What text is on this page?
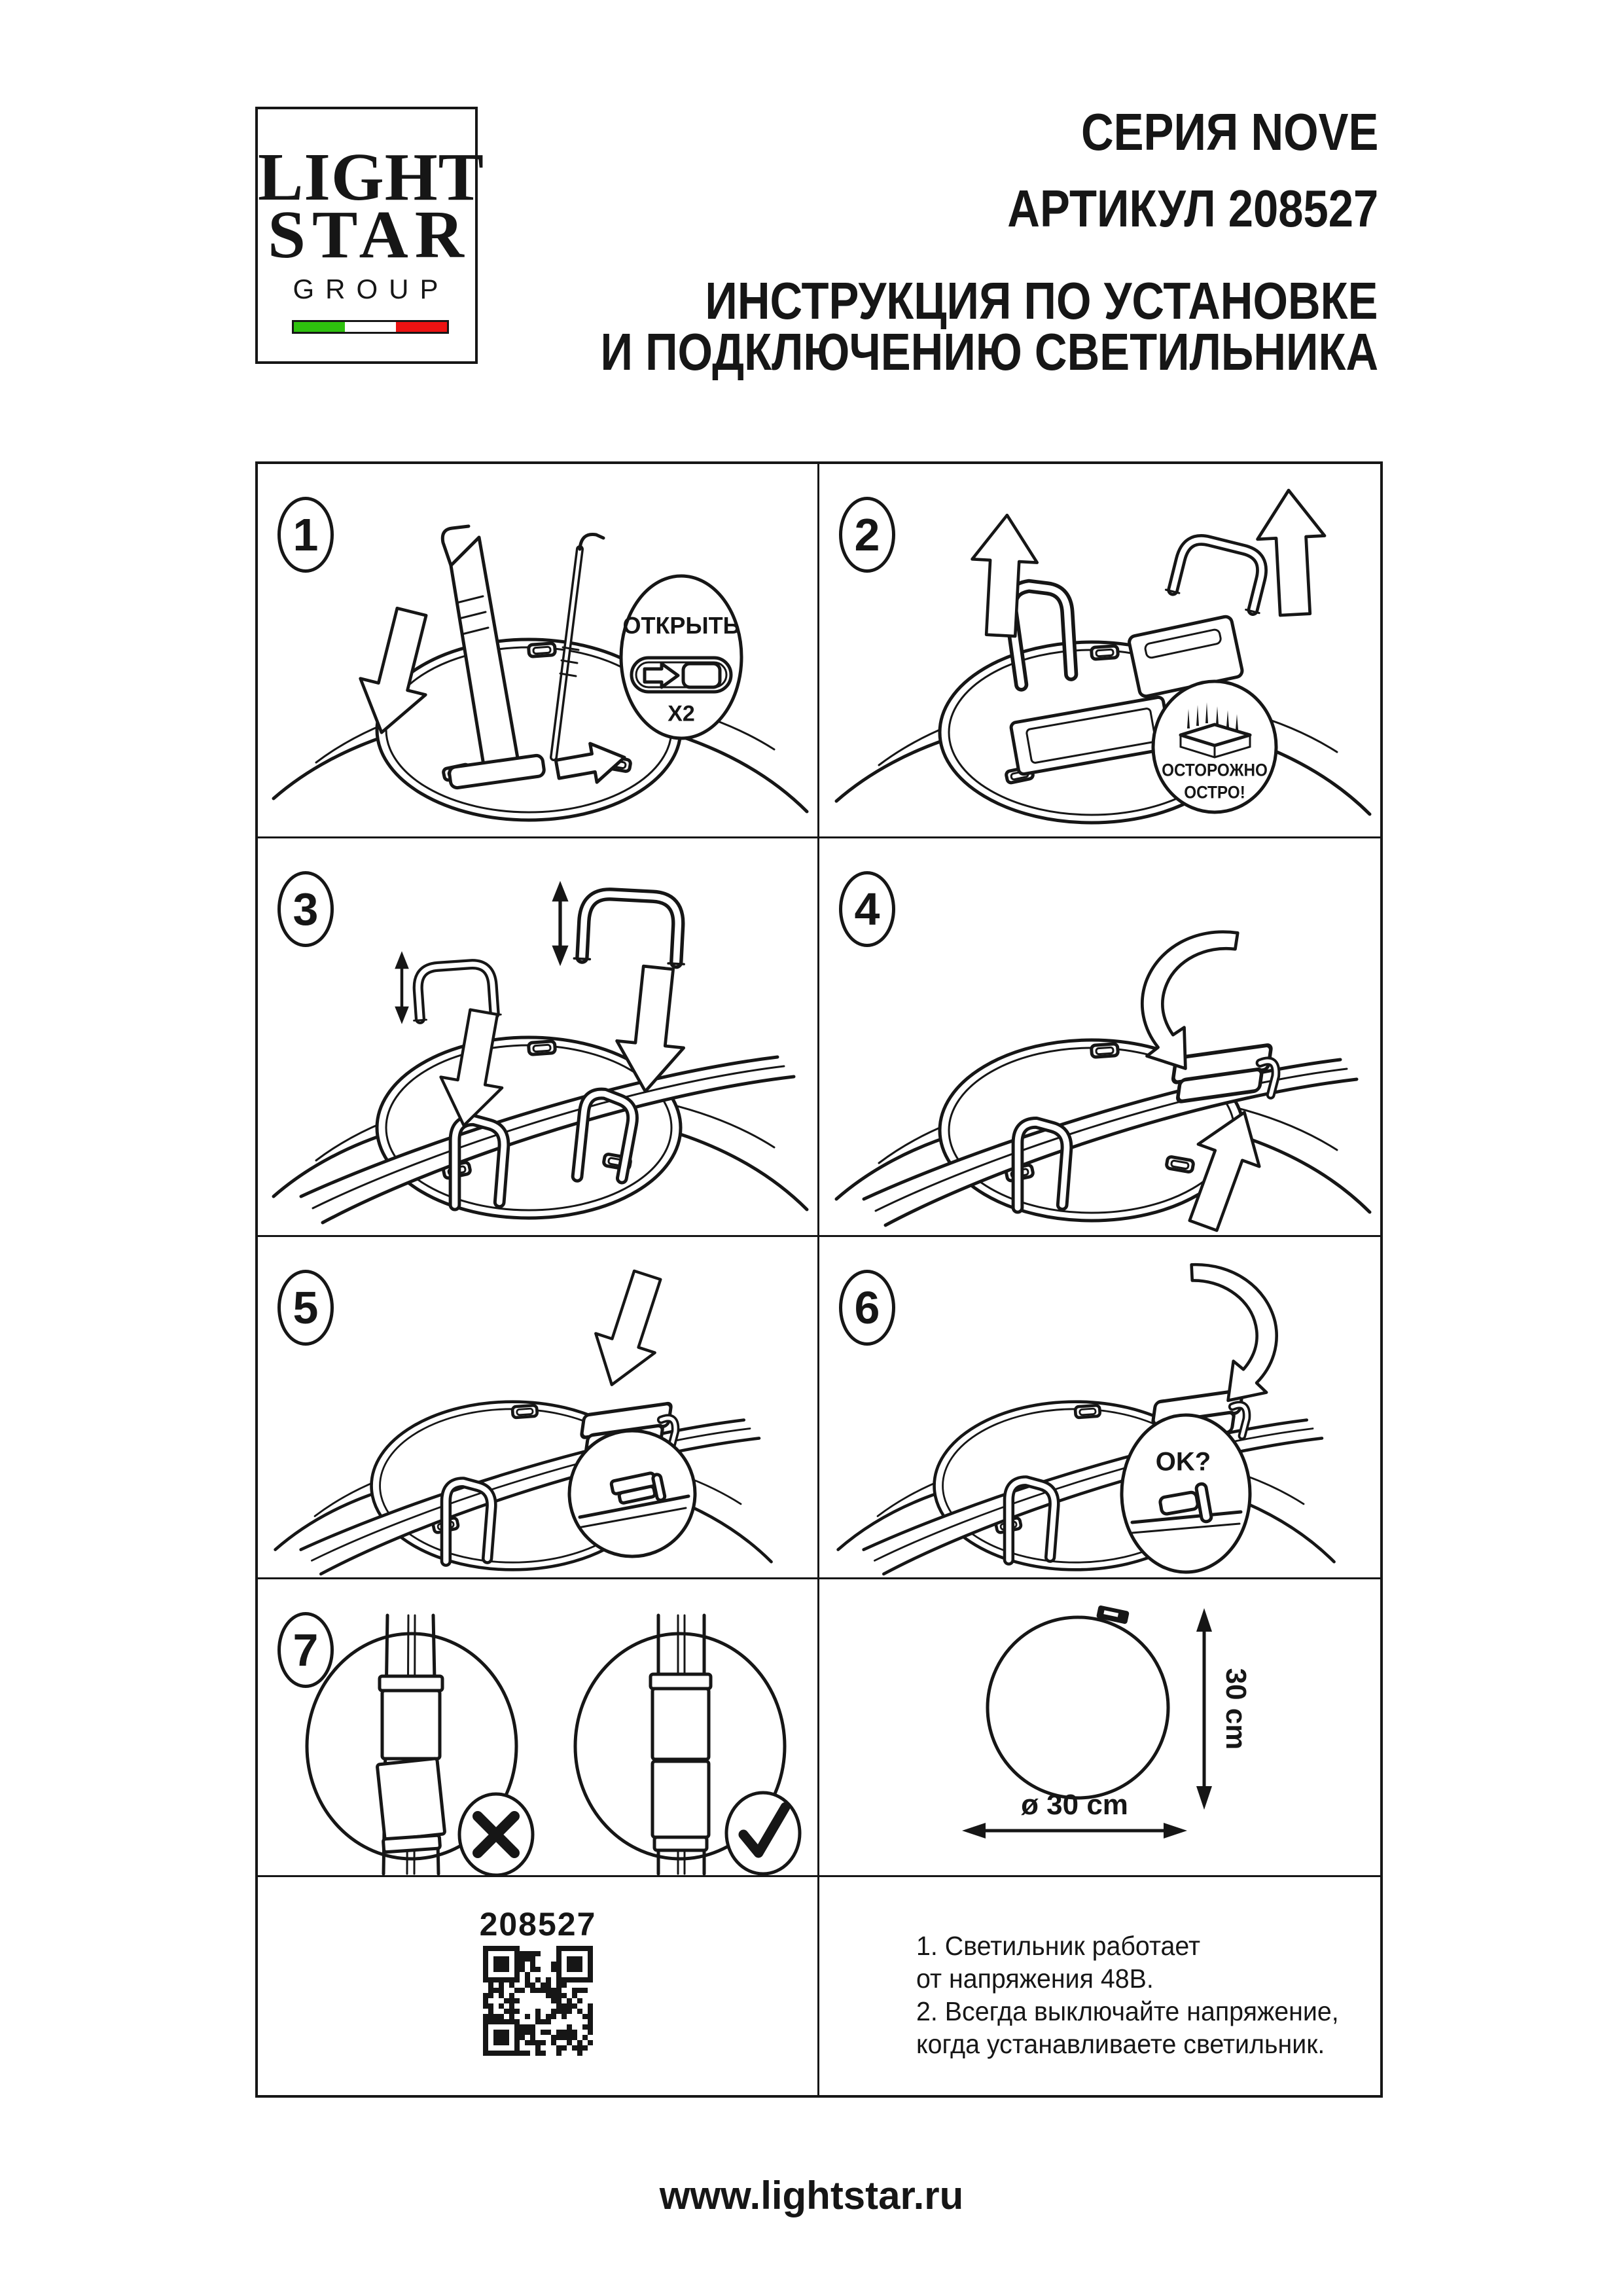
LIGHT
STAR
GROUP
СЕРИЯ NOVE
АРТИКУЛ 208527
ИНСТРУКЦИЯ ПО УСТАНОВКЕ
И ПОДКЛЮЧЕНИЮ СВЕТИЛЬНИКА
1
ОТКРЫТЬ
X2
2
ОСТОРОЖНО
ОСТРО!
3	4
5	6
OK?
7
30 cm
ø 30 cm
208527
1. Светильник работает
от напряжения 48В.
2. Всегда выключайте напряжение,
когда устанавливаете светильник.
www.lightstar.ru
